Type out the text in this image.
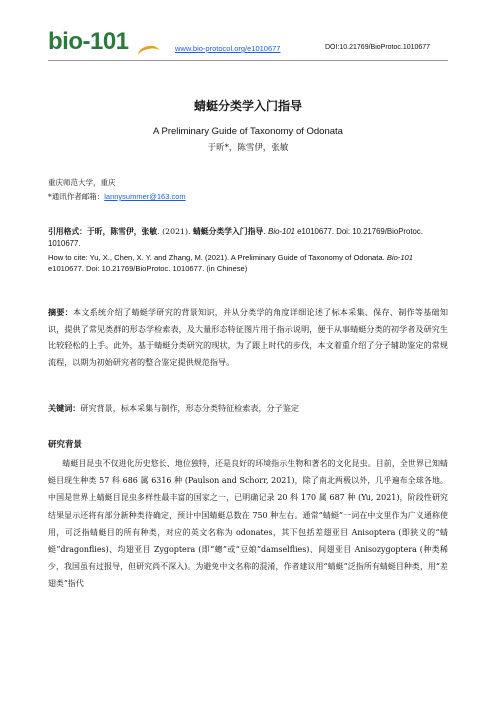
bio-101	www.bio-protocol.org/e1010677	DOI:10.21769/BioProtoc.1010677
蜻蜓分类学入门指导
A Preliminary Guide of Taxonomy of Odonata
于昕*，陈雪伊，张敏
重庆师范大学，重庆
*通讯作者邮箱：lannysummer@163.com
引用格式：于昕，陈雪伊，张敏. (2021). 蜻蜓分类学入门指导. Bio-101 e1010677. Doi: 10.21769/BioProtoc. 1010677.
How to cite: Yu, X., Chen, X. Y. and Zhang, M. (2021). A Preliminary Guide of Taxonomy of Odonata. Bio-101 e1010677. Doi: 10.21769/BioProtoc. 1010677. (in Chinese)
摘要：本文系统介绍了蜻蜓学研究的背景知识，并从分类学的角度详细论述了标本采集、保存、制作等基础知识，提供了常见类群的形态学检索表，及大量形态特征图片用于指示说明，便于从事蜻蜓分类的初学者及研究生比较轻松的上手。此外，基于蜻蜓分类研究的现状，为了跟上时代的步伐，本文着重介绍了分子辅助鉴定的常规流程，以期为初始研究者的整合鉴定提供规范指导。
关键词：研究背景，标本采集与制作，形态分类特征检索表，分子鉴定
研究背景
蜻蜓目昆虫不仅进化历史悠长、地位独特，还是良好的环境指示生物和著名的文化昆虫。目前，全世界已知蜻蜓目现生种类 57 科 686 属 6316 种 (Paulson and Schorr, 2021)，除了南北两极以外，几乎遍布全球各地。中国是世界上蜻蜓目昆虫多样性最丰富的国家之一，已明确记录 20 科 170 属 687 种 (Yu, 2021)，阶段性研究结果显示还将有部分新种类待确定，预计中国蜻蜓总数在 750 种左右。通常“蜻蜓”一词在中文里作为广义通称使用，可泛指蜻蜓目的所有种类，对应的英文名称为 odonates，其下包括差翅亚目 Anisoptera (即狭义的“蜻蜓”dragonflies)、均翅亚目 Zygoptera (即“蟌”或“豆娘”damselflies)、间翅亚目 Anisozygoptera (种类稀少，我国虽有过报导，但研究尚不深入)。为避免中文名称的混淆，作者建议用“蜻蜓”泛指所有蜻蜓目种类，用“差翅类”指代
